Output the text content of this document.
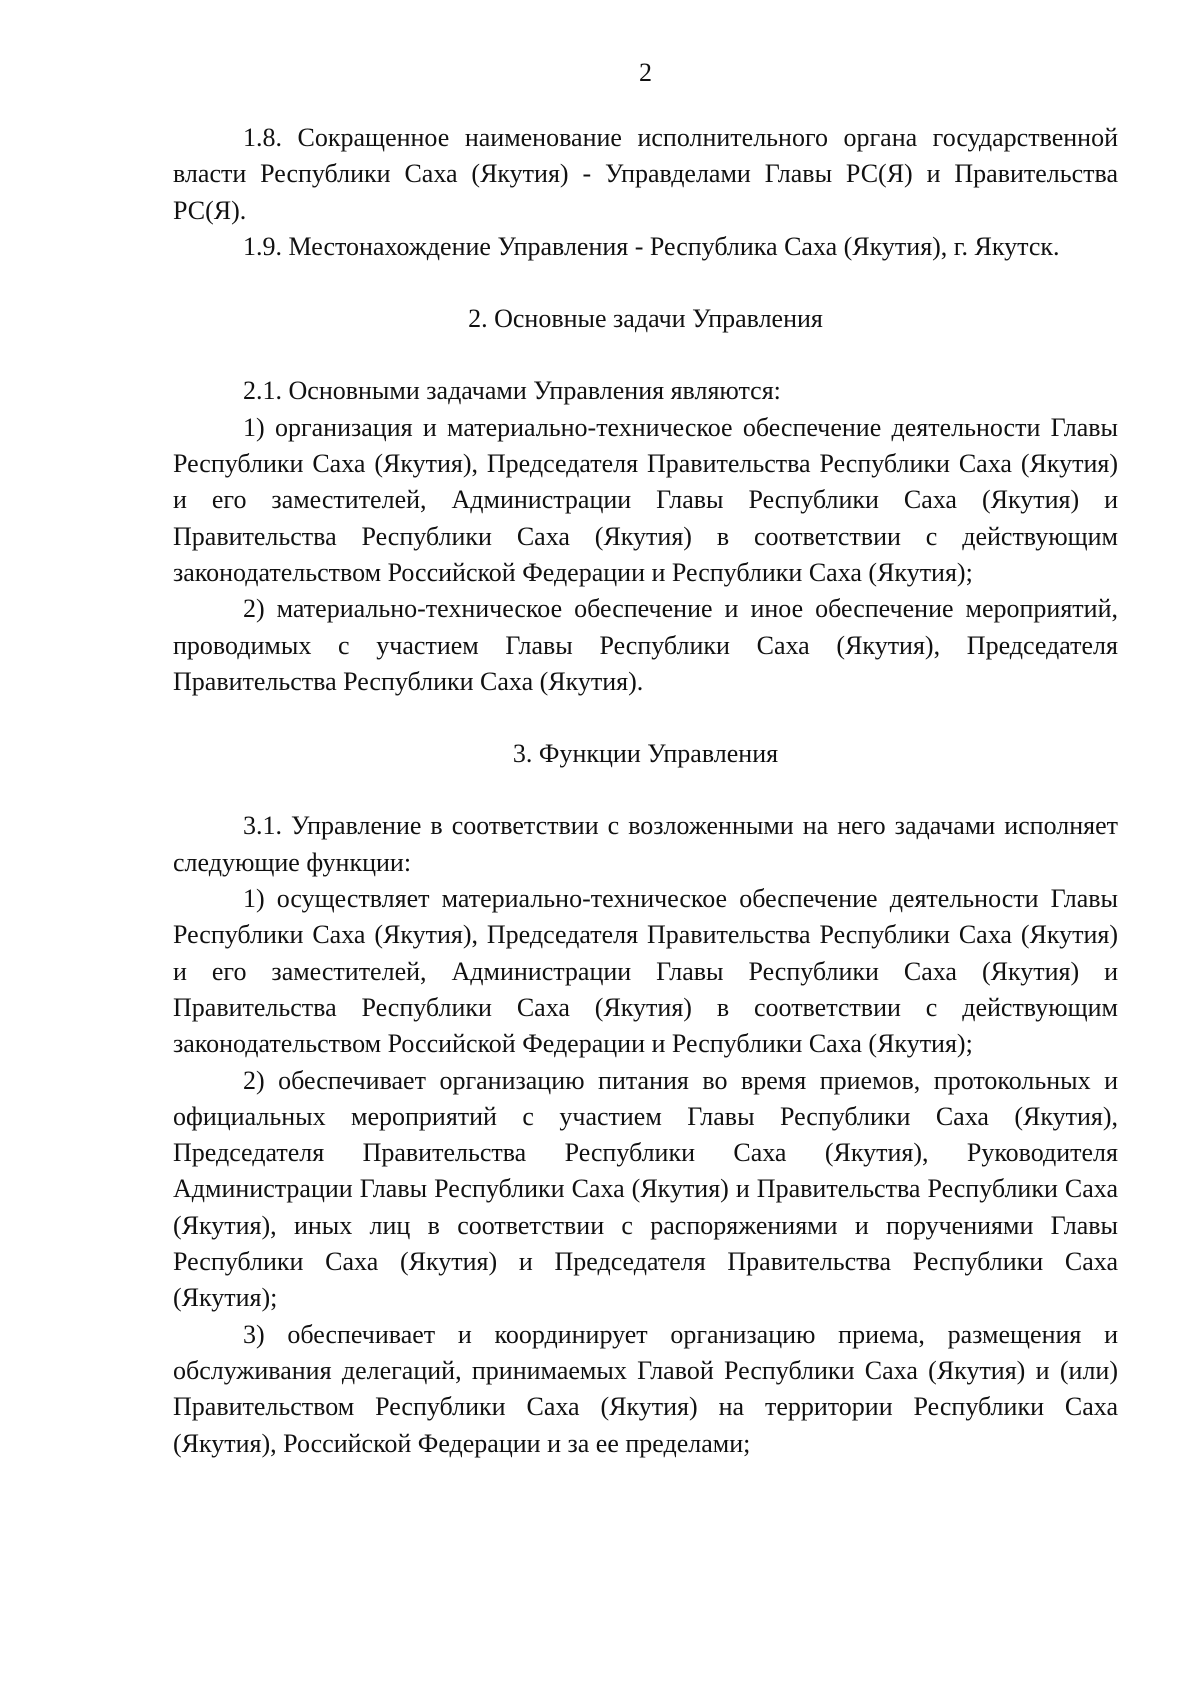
2

1.8. Сокращенное наименование исполнительного органа государственной власти Республики Саха (Якутия) - Управделами Главы РС(Я) и Правительства РС(Я).

1.9. Местонахождение Управления - Республика Саха (Якутия), г. Якутск.

2. Основные задачи Управления

2.1. Основными задачами Управления являются:

1) организация и материально-техническое обеспечение деятельности Главы Республики Саха (Якутия), Председателя Правительства Республики Саха (Якутия) и его заместителей, Администрации Главы Республики Саха (Якутия) и Правительства Республики Саха (Якутия) в соответствии с действующим законодательством Российской Федерации и Республики Саха (Якутия);

2) материально-техническое обеспечение и иное обеспечение мероприятий, проводимых с участием Главы Республики Саха (Якутия), Председателя Правительства Республики Саха (Якутия).

3. Функции Управления

3.1. Управление в соответствии с возложенными на него задачами исполняет следующие функции:

1) осуществляет материально-техническое обеспечение деятельности Главы Республики Саха (Якутия), Председателя Правительства Республики Саха (Якутия) и его заместителей, Администрации Главы Республики Саха (Якутия) и Правительства Республики Саха (Якутия) в соответствии с действующим законодательством Российской Федерации и Республики Саха (Якутия);

2) обеспечивает организацию питания во время приемов, протокольных и официальных мероприятий с участием Главы Республики Саха (Якутия), Председателя Правительства Республики Саха (Якутия), Руководителя Администрации Главы Республики Саха (Якутия) и Правительства Республики Саха (Якутия), иных лиц в соответствии с распоряжениями и поручениями Главы Республики Саха (Якутия) и Председателя Правительства Республики Саха (Якутия);

3) обеспечивает и координирует организацию приема, размещения и обслуживания делегаций, принимаемых Главой Республики Саха (Якутия) и (или) Правительством Республики Саха (Якутия) на территории Республики Саха (Якутия), Российской Федерации и за ее пределами;
